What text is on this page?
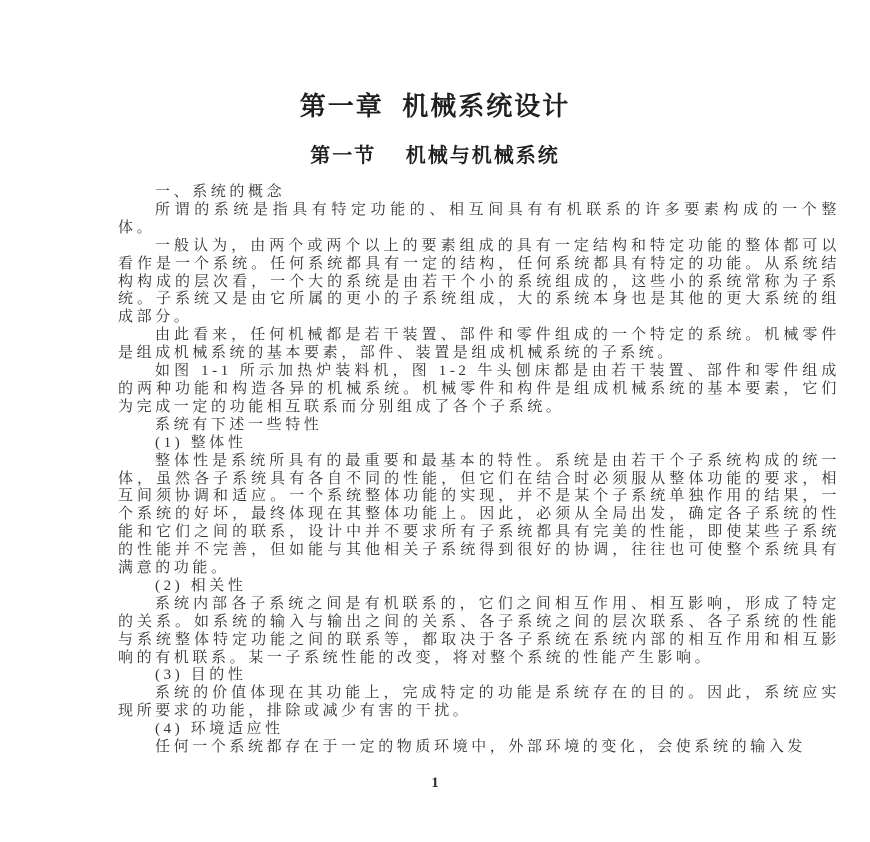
第一章  机械系统设计
第一节　 机械与机械系统

一、系统的概念

所谓的系统是指具有特定功能的、相互间具有有机联系的许多要素构成的一个整体。

一般认为，由两个或两个以上的要素组成的具有一定结构和特定功能的整体都可以看作是一个系统。任何系统都具有一定的结构，任何系统都具有特定的功能。从系统结构构成的层次看，一个大的系统是由若干个小的系统组成的，这些小的系统常称为子系统。子系统又是由它所属的更小的子系统组成，大的系统本身也是其他的更大系统的组成部分。

由此看来，任何机械都是若干装置、部件和零件组成的一个特定的系统。机械零件是组成机械系统的基本要素，部件、装置是组成机械系统的子系统。

如图 1-1 所示加热炉装料机，图 1-2 牛头刨床都是由若干装置、部件和零件组成的两种功能和构造各异的机械系统。机械零件和构件是组成机械系统的基本要素，它们为完成一定的功能相互联系而分别组成了各个子系统。

系统有下述一些特性

(1) 整体性

整体性是系统所具有的最重要和最基本的特性。系统是由若干个子系统构成的统一体，虽然各子系统具有各自不同的性能，但它们在结合时必须服从整体功能的要求，相互间须协调和适应。一个系统整体功能的实现，并不是某个子系统单独作用的结果，一个系统的好坏，最终体现在其整体功能上。因此，必须从全局出发，确定各子系统的性能和它们之间的联系，设计中并不要求所有子系统都具有完美的性能，即使某些子系统的性能并不完善，但如能与其他相关子系统得到很好的协调，往往也可使整个系统具有满意的功能。

(2) 相关性

系统内部各子系统之间是有机联系的，它们之间相互作用、相互影响，形成了特定的关系。如系统的输入与输出之间的关系、各子系统之间的层次联系、各子系统的性能与系统整体特定功能之间的联系等，都取决于各子系统在系统内部的相互作用和相互影响的有机联系。某一子系统性能的改变，将对整个系统的性能产生影响。

(3) 目的性

系统的价值体现在其功能上，完成特定的功能是系统存在的目的。因此，系统应实现所要求的功能，排除或减少有害的干扰。

(4) 环境适应性

任何一个系统都存在于一定的物质环境中，外部环境的变化，会使系统的输入发

1
